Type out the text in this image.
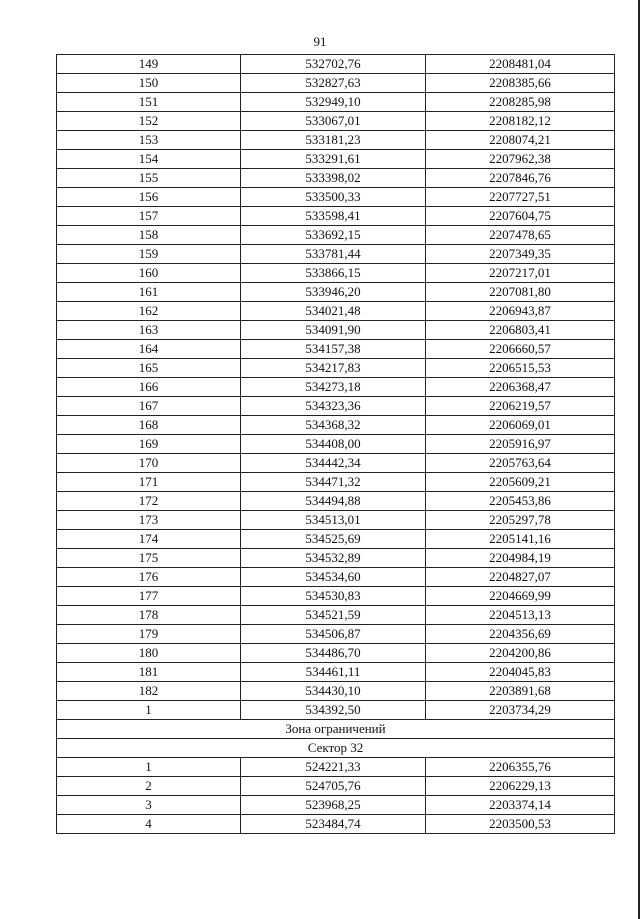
91
149	532702,76	2208481,04
150	532827,63	2208385,66
151	532949,10	2208285,98
152	533067,01	2208182,12
153	533181,23	2208074,21
154	533291,61	2207962,38
155	533398,02	2207846,76
156	533500,33	2207727,51
157	533598,41	2207604,75
158	533692,15	2207478,65
159	533781,44	2207349,35
160	533866,15	2207217,01
161	533946,20	2207081,80
162	534021,48	2206943,87
163	534091,90	2206803,41
164	534157,38	2206660,57
165	534217,83	2206515,53
166	534273,18	2206368,47
167	534323,36	2206219,57
168	534368,32	2206069,01
169	534408,00	2205916,97
170	534442,34	2205763,64
171	534471,32	2205609,21
172	534494,88	2205453,86
173	534513,01	2205297,78
174	534525,69	2205141,16
175	534532,89	2204984,19
176	534534,60	2204827,07
177	534530,83	2204669,99
178	534521,59	2204513,13
179	534506,87	2204356,69
180	534486,70	2204200,86
181	534461,11	2204045,83
182	534430,10	2203891,68
1	534392,50	2203734,29
Зона ограничений		
Сектор 32		
1	524221,33	2206355,76
2	524705,76	2206229,13
3	523968,25	2203374,14
4	523484,74	2203500,53
